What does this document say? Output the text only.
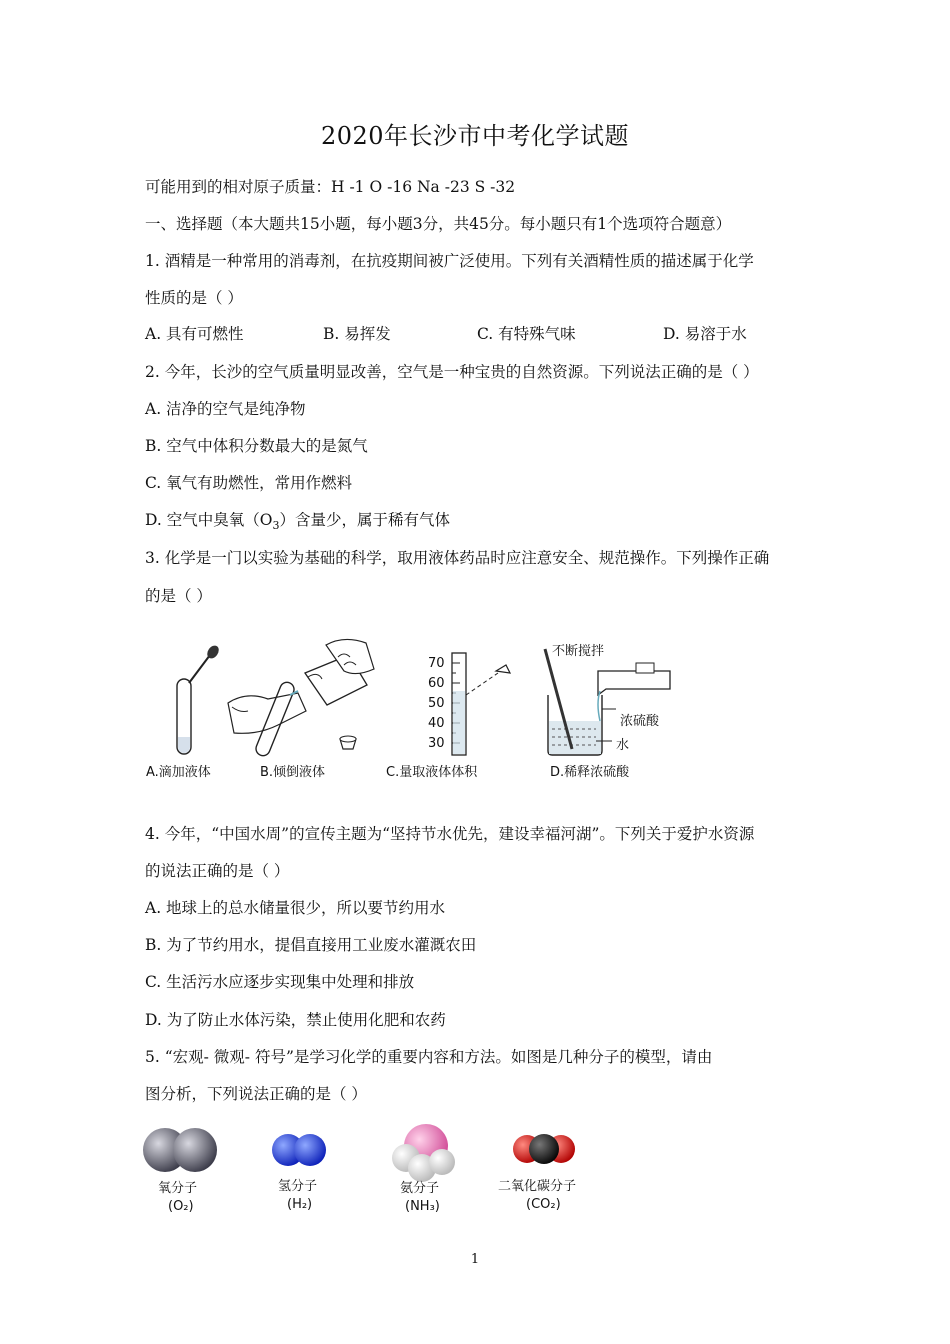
2020年长沙市中考化学试题
可能用到的相对原子质量：H -1 O -16 Na -23 S -32
一、选择题（本大题共15小题，每小题3分，共45分。每小题只有1个选项符合题意）
1. 酒精是一种常用的消毒剂，在抗疫期间被广泛使用。下列有关酒精性质的描述属于化学
性质的是（ ）
A. 具有可燃性	B. 易挥发	C. 有特殊气味	D. 易溶于水
2. 今年，长沙的空气质量明显改善，空气是一种宝贵的自然资源。下列说法正确的是（ ）
A. 洁净的空气是纯净物
B. 空气中体积分数最大的是氮气
C. 氧气有助燃性，常用作燃料
D. 空气中臭氧$(O_3)$含量少，属于稀有气体
3. 化学是一门以实验为基础的科学，取用液体药品时应注意安全、规范操作。下列操作正确
的是（ ）
70
60
50
40
30
不断搅拌
浓硫酸
水
A.滴加液体	B.倾倒液体	C.量取液体体积	D.稀释浓硫酸
4. 今年，“中国水周”的宣传主题为“坚持节水优先，建设幸福河湖”。下列关于爱护水资源
的说法正确的是（ ）
A. 地球上的总水储量很少，所以要节约用水
B. 为了节约用水，提倡直接用工业废水灌溉农田
C. 生活污水应逐步实现集中处理和排放
D. 为了防止水体污染，禁止使用化肥和农药
5. “宏观- 微观- 符号”是学习化学的重要内容和方法。如图是几种分子的模型，请由
图分析，下列说法正确的是（ ）
氧分子
(O₂)
氢分子
(H₂)
氨分子
(NH₃)
二氧化碳分子
(CO₂)
1
